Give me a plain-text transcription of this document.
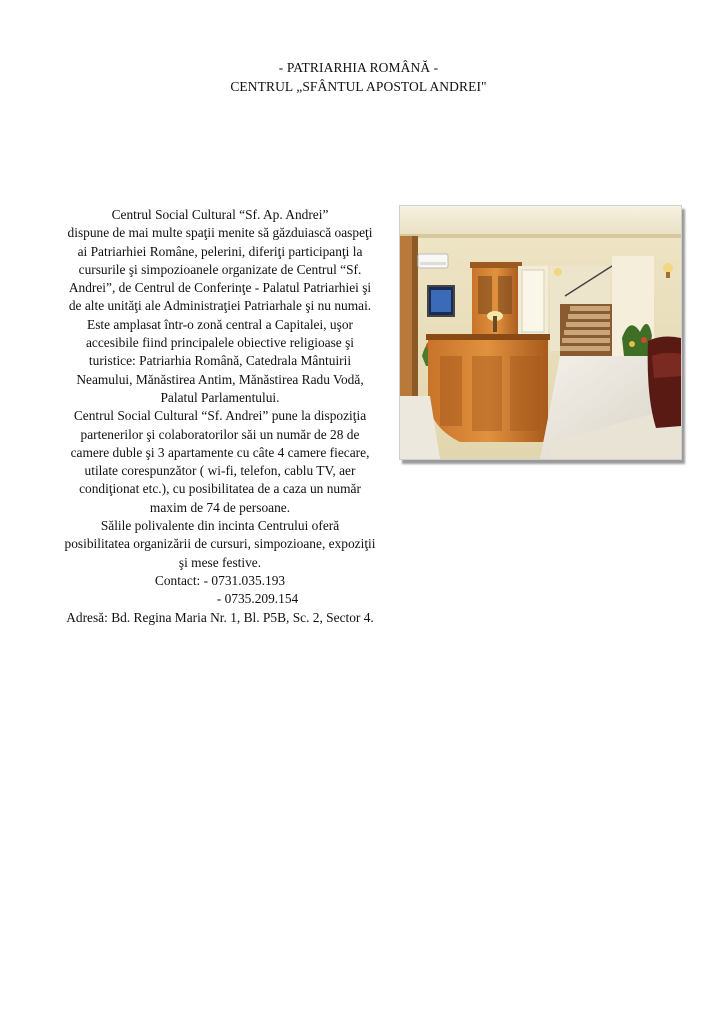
- PATRIARHIA ROMÂNĂ -
CENTRUL „SFÂNTUL APOSTOL ANDREI"
Centrul Social Cultural “Sf. Ap. Andrei”
dispune de mai multe spaţii menite să găzduiască oaspeţi
ai Patriarhiei Române, pelerini, diferiţi participanţi la
cursurile şi simpozioanele organizate de Centrul “Sf.
Andrei”, de Centrul de Conferinţe - Palatul Patriarhiei şi
de alte unităţi ale Administraţiei Patriarhale şi nu numai.
Este amplasat într-o zonă central a Capitalei, uşor
accesibile fiind principalele obiective religioase şi
turistice: Patriarhia Română, Catedrala Mântuirii
Neamului, Mănăstirea Antim, Mănăstirea Radu Vodă,
Palatul Parlamentului.
Centrul Social Cultural “Sf. Andrei” pune la dispoziţia
partenerilor şi colaboratorilor săi un număr de 28 de
camere duble şi 3 apartamente cu câte 4 camere fiecare,
utilate corespunzător ( wi-fi, telefon, cablu TV, aer
condiţionat etc.), cu posibilitatea de a caza un număr
maxim de 74 de persoane.
Sălile polivalente din incinta Centrului oferă
posibilitatea organizării de cursuri, simpozioane, expoziţii
şi mese festive.
Contact: - 0731.035.193
- 0735.209.154
Adresă: Bd. Regina Maria Nr. 1, Bl. P5B, Sc. 2, Sector 4.
